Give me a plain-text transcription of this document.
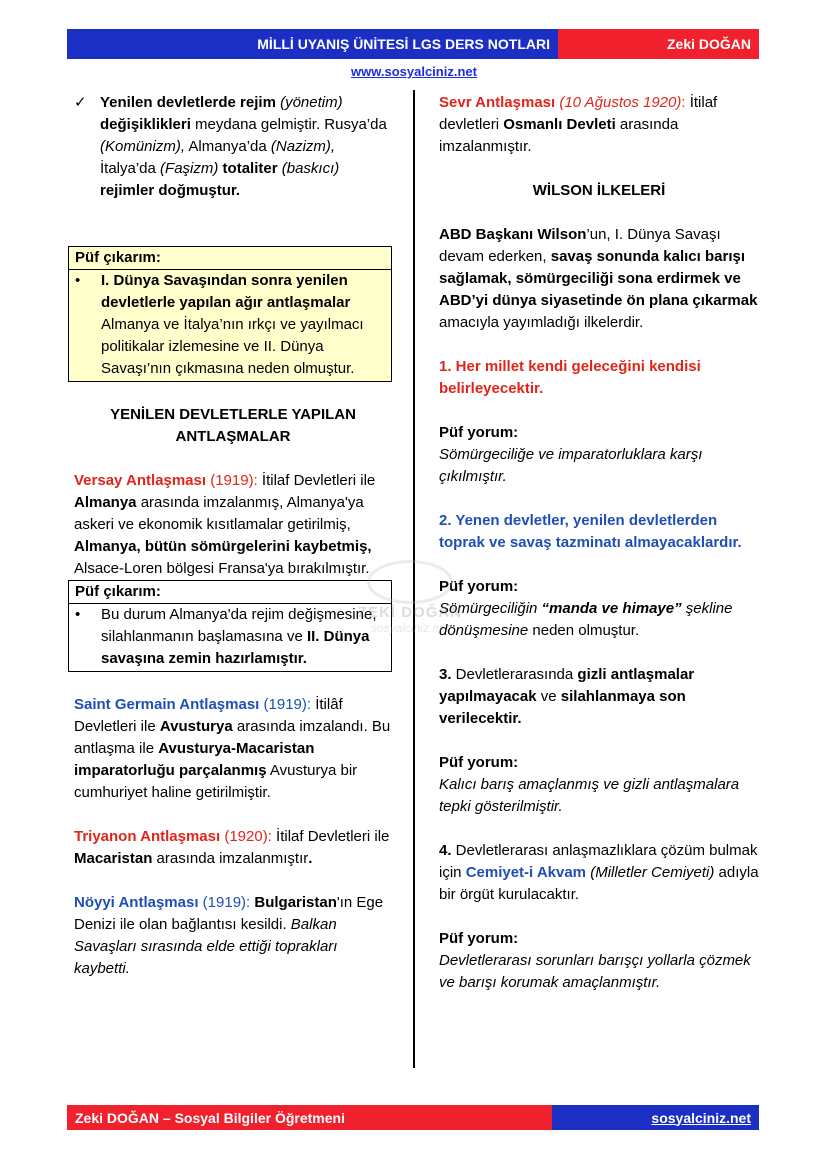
MİLLİ UYANIŞ ÜNİTESİ LGS DERS NOTLARI	Zeki DOĞAN
www.sosyalciniz.net
✓ Yenilen devletlerde rejim (yönetim) değişiklikleri meydana gelmiştir. Rusya’da (Komünizm), Almanya’da (Nazizm), İtalya’da (Faşizm) totaliter (baskıcı) rejimler doğmuştur.

Püf çıkarım:
•	I. Dünya Savaşından sonra yenilen devletlerle yapılan ağır antlaşmalar Almanya ve İtalya’nın ırkçı ve yayılmacı politikalar izlemesine ve II. Dünya Savaşı’nın çıkmasına neden olmuştur.

YENİLEN DEVLETLERLE YAPILAN ANTLAŞMALAR

Versay Antlaşması (1919): İtilaf Devletleri ile Almanya arasında imzalanmış, Almanya'ya askeri ve ekonomik kısıtlamalar getirilmiş, Almanya, bütün sömürgelerini kaybetmiş, Alsace-Loren bölgesi Fransa'ya bırakılmıştır.

Püf çıkarım:
•	Bu durum Almanya'da rejim değişmesine, silahlanmanın başlamasına ve II. Dünya savaşına zemin hazırlamıştır.

Saint Germain Antlaşması (1919): İtilâf Devletleri ile Avusturya arasında imzalandı. Bu antlaşma ile Avusturya-Macaristan imparatorluğu parçalanmış Avusturya bir cumhuriyet haline getirilmiştir.

Triyanon Antlaşması (1920): İtilaf Devletleri ile Macaristan arasında imzalanmıştır.

Nöyyi Antlaşması (1919): Bulgaristan'ın Ege Denizi ile olan bağlantısı kesildi. Balkan Savaşları sırasında elde ettiği toprakları kaybetti.

Sevr Antlaşması (10 Ağustos 1920): İtilaf devletleri Osmanlı Devleti arasında imzalanmıştır.

WİLSON İLKELERİ

ABD Başkanı Wilson’un, I. Dünya Savaşı devam ederken, savaş sonunda kalıcı barışı sağlamak, sömürgeciliği sona erdirmek ve ABD’yi dünya siyasetinde ön plana çıkarmak amacıyla yayımladığı ilkelerdir.

1. Her millet kendi geleceğini kendisi belirleyecektir.

Püf yorum:

Sömürgeciliğe ve imparatorluklara karşı çıkılmıştır.

2. Yenen devletler, yenilen devletlerden toprak ve savaş tazminatı almayacaklardır.

Püf yorum:

Sömürgeciliğin “manda ve himaye” şekline dönüşmesine neden olmuştur.

3. Devletlerarasında gizli antlaşmalar yapılmayacak ve silahlanmaya son verilecektir.

Püf yorum:

Kalıcı barış amaçlanmış ve gizli antlaşmalara tepki gösterilmiştir.

4. Devletlerarası anlaşmazlıklara çözüm bulmak için Cemiyet-i Akvam (Milletler Cemiyeti) adıyla bir örgüt kurulacaktır.

Püf yorum:

Devletlerarası sorunları barışçı yollarla çözmek ve barışı korumak amaçlanmıştır.

ZEKİ DOĞAN
sosyalciniz.net
Zeki DOĞAN – Sosyal Bilgiler Öğretmeni	sosyalciniz.net
